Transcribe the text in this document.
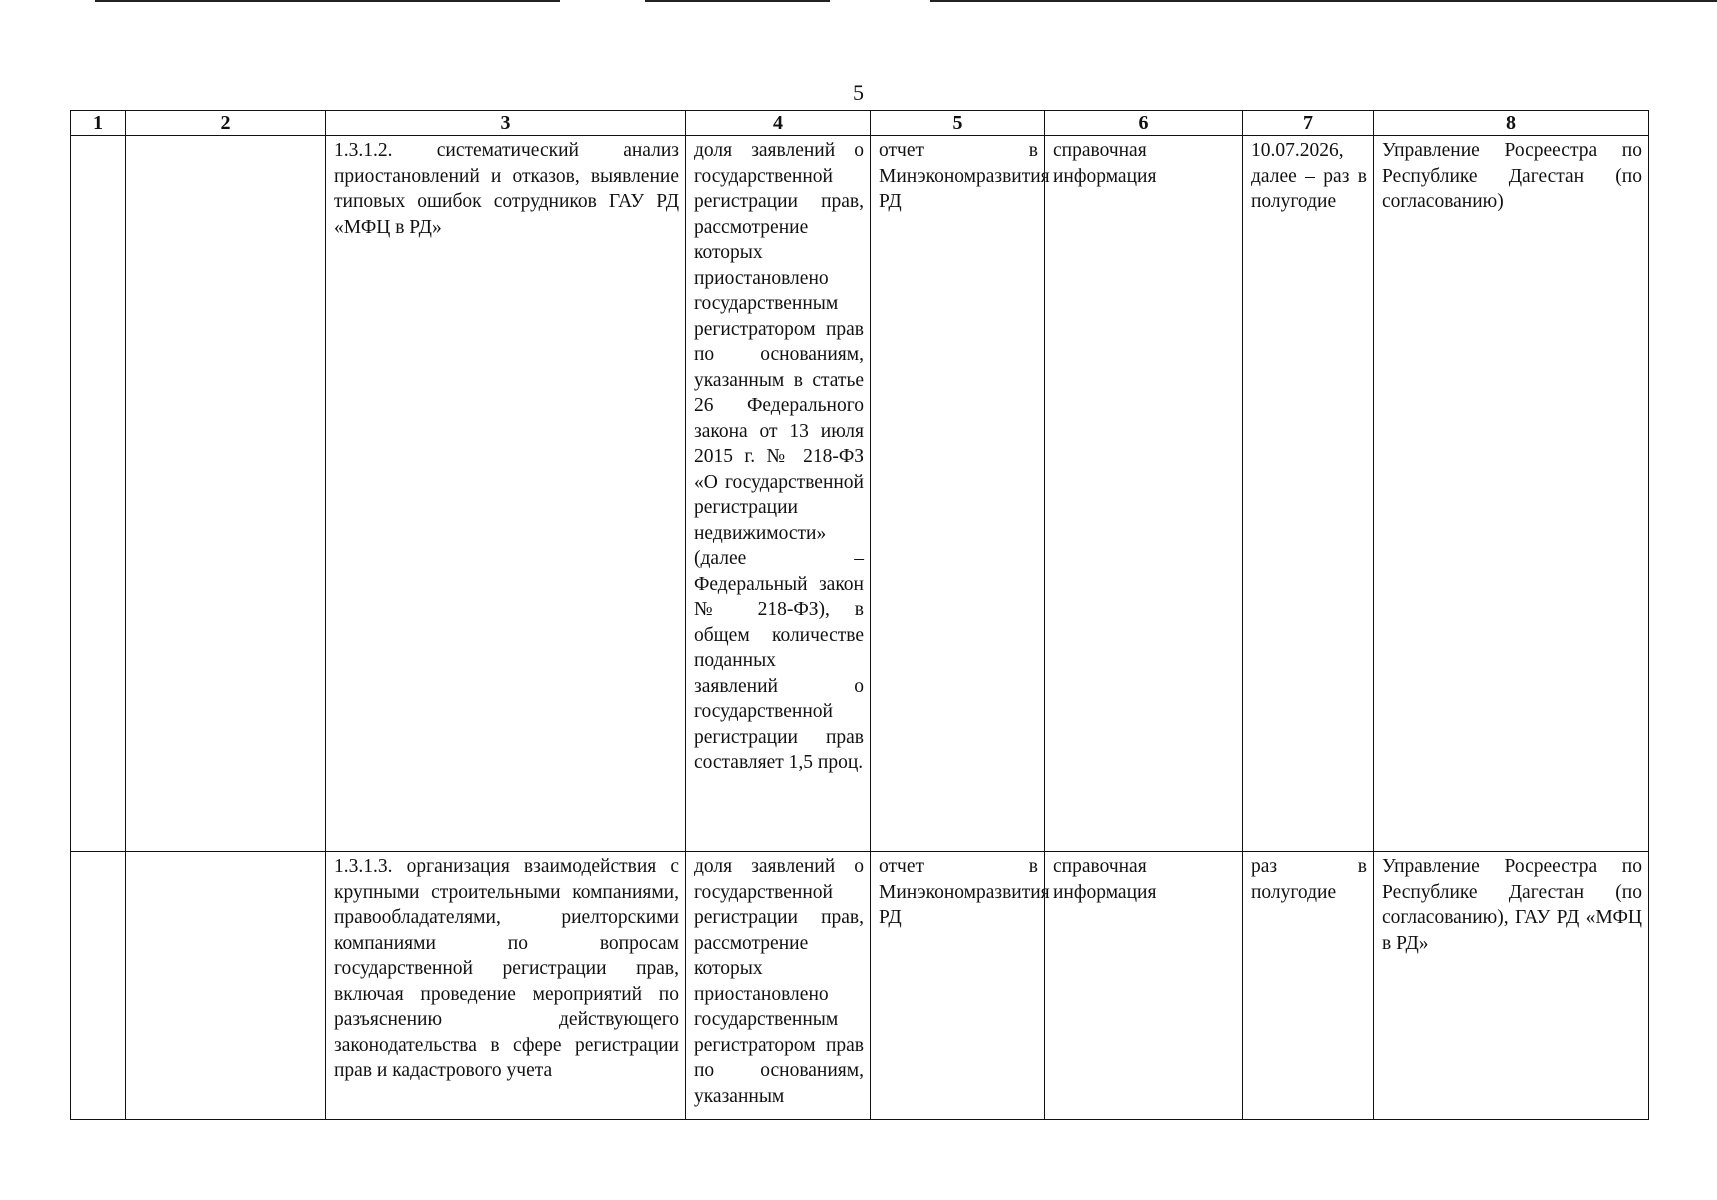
5
1	2	3	4	5	6	7	8
		1.3.1.2. систематический анализ приостановлений и отказов, выявление типовых ошибок сотрудников ГАУ РД «МФЦ в РД»	доля заявлений о государственной регистрации прав, рассмотрение которых приостановлено государственным регистратором прав по основаниям, указанным в статье 26 Федерального закона от 13 июля 2015 г. № 218-ФЗ «О государственной регистрации недвижимости» (далее – Федеральный закон № 218-ФЗ), в общем количестве поданных заявлений о государственной регистрации прав составляет 1,5 проц.	отчет в Минэкономразвития РД	справочная информация	10.07.2026, далее – раз в полугодие	Управление Росреестра по Республике Дагестан (по согласованию)
		1.3.1.3. организация взаимодействия с крупными строительными компаниями, правообладателями, риелторскими компаниями по вопросам государственной регистрации прав, включая проведение мероприятий по разъяснению действующего законодательства в сфере регистрации прав и кадастрового учета	доля заявлений о государственной регистрации прав, рассмотрение которых приостановлено государственным регистратором прав по основаниям, указанным	отчет в Минэкономразвития РД	справочная информация	раз в полугодие	Управление Росреестра по Республике Дагестан (по согласованию), ГАУ РД «МФЦ в РД»
